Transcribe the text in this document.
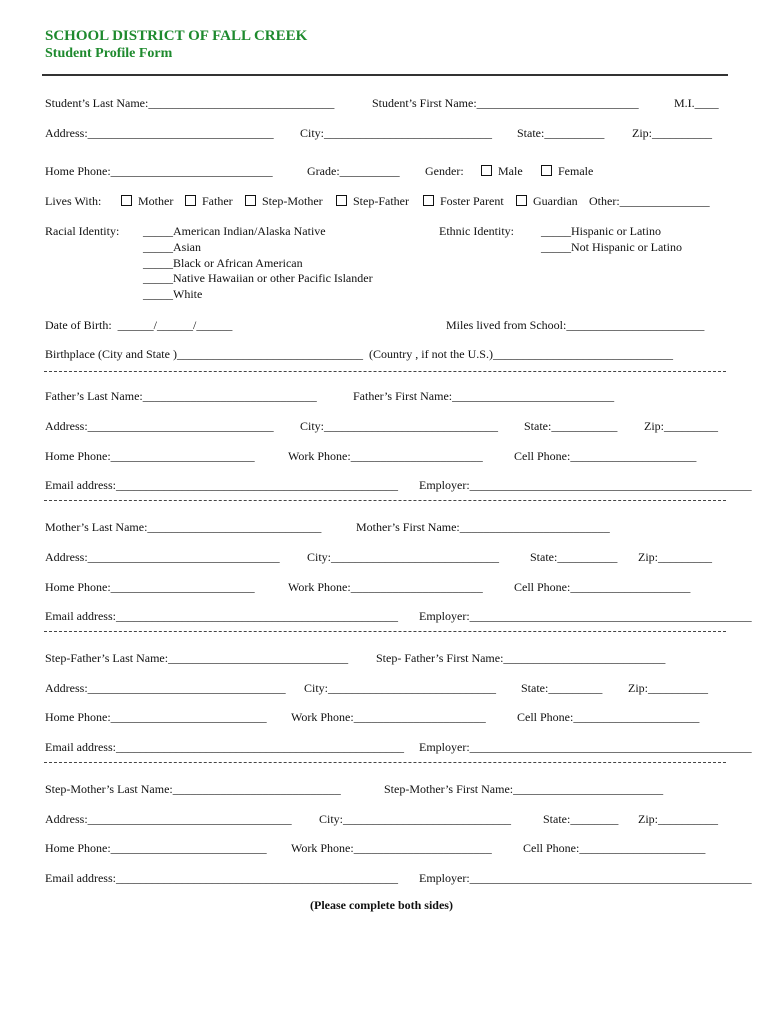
SCHOOL DISTRICT OF FALL CREEK
Student Profile Form
Student’s Last Name:_______________________________	Student’s First Name:___________________________	M.I.____
Address:_______________________________ City:____________________________ State:__________ Zip:__________
Home Phone:___________________________	Grade:__________ Gender:	Male	Female
Lives With:	Mother	Father	Step-Mother	Step-Father	Foster Parent	Guardian Other:_______________
Racial Identity: _____American Indian/Alaska Native
_____Asian
_____Black or African American
_____Native Hawaiian or other Pacific Islander
_____White
Ethnic Identity: _____Hispanic or Latino
_____Not Hispanic or Latino
Date of Birth:  ______/______/______	Miles lived from School:_______________________
Birthplace (City and State )_______________________________  (Country , if not the U.S.)______________________________
Father’s Last Name:_____________________________	Father’s First Name:___________________________
Address:_______________________________ City:_____________________________ State:___________ Zip:_________
Home Phone:________________________	Work Phone:______________________	Cell Phone:_____________________
Email address:_______________________________________________ Employer:_______________________________________________
Mother’s Last Name:_____________________________	Mother’s First Name:_________________________
Address:________________________________ City:____________________________	State:__________ Zip:_________
Home Phone:________________________	Work Phone:______________________	Cell Phone:____________________
Email address:_______________________________________________ Employer:_______________________________________________
Step-Father’s Last Name:______________________________ Step- Father’s First Name:___________________________
Address:_________________________________ City:____________________________ State:_________ Zip:__________
Home Phone:__________________________ Work Phone:______________________	Cell Phone:_____________________
Email address:________________________________________________ Employer:_______________________________________________
Step-Mother’s Last Name:____________________________	Step-Mother’s First Name:_________________________
Address:__________________________________ City:____________________________	State:________ Zip:__________
Home Phone:__________________________ Work Phone:_______________________	Cell Phone:_____________________
Email address:_______________________________________________ Employer:_______________________________________________
(Please complete both sides)
